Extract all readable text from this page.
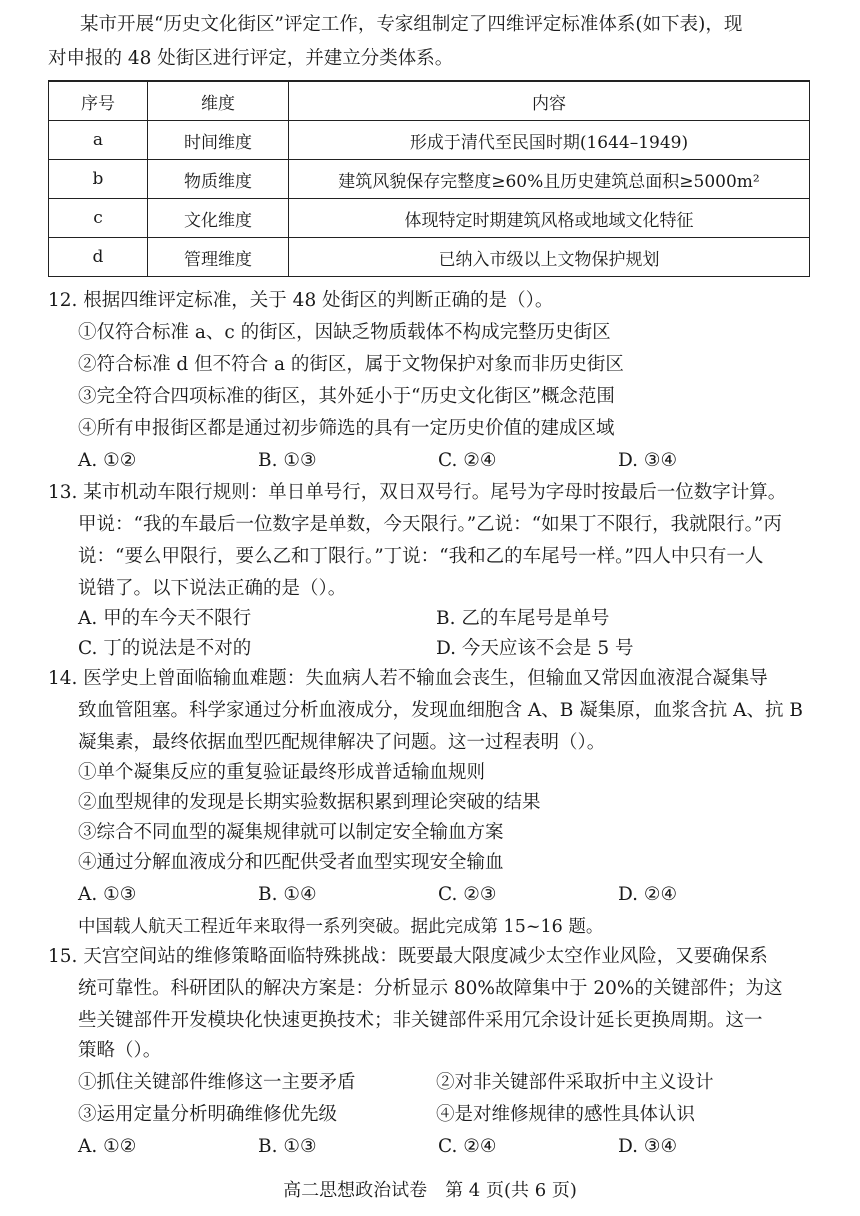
某市开展“历史文化街区”评定工作，专家组制定了四维评定标准体系(如下表)，现
对申报的 48 处街区进行评定，并建立分类体系。
序号	维度	内容
a	时间维度	形成于清代至民国时期(1644–1949)
b	物质维度	建筑风貌保存完整度≥60%且历史建筑总面积≥5000m²
c	文化维度	体现特定时期建筑风格或地域文化特征
d	管理维度	已纳入市级以上文物保护规划
12. 根据四维评定标准，关于 48 处街区的判断正确的是（）。
①仅符合标准 a、c 的街区，因缺乏物质载体不构成完整历史街区
②符合标准 d 但不符合 a 的街区，属于文物保护对象而非历史街区
③完全符合四项标准的街区，其外延小于“历史文化街区”概念范围
④所有申报街区都是通过初步筛选的具有一定历史价值的建成区域
A. ①②	B. ①③	C. ②④	D. ③④
13. 某市机动车限行规则：单日单号行，双日双号行。尾号为字母时按最后一位数字计算。
甲说：“我的车最后一位数字是单数，今天限行。”乙说：“如果丁不限行，我就限行。”丙
说：“要么甲限行，要么乙和丁限行。”丁说：“我和乙的车尾号一样。”四人中只有一人
说错了。以下说法正确的是（）。
A. 甲的车今天不限行	B. 乙的车尾号是单号
C. 丁的说法是不对的	D. 今天应该不会是 5 号
14. 医学史上曾面临输血难题：失血病人若不输血会丧生，但输血又常因血液混合凝集导
致血管阻塞。科学家通过分析血液成分，发现血细胞含 A、B 凝集原，血浆含抗 A、抗 B
凝集素，最终依据血型匹配规律解决了问题。这一过程表明（）。
①单个凝集反应的重复验证最终形成普适输血规则
②血型规律的发现是长期实验数据积累到理论突破的结果
③综合不同血型的凝集规律就可以制定安全输血方案
④通过分解血液成分和匹配供受者血型实现安全输血
A. ①③	B. ①④	C. ②③	D. ②④
中国载人航天工程近年来取得一系列突破。据此完成第 15~16 题。
15. 天宫空间站的维修策略面临特殊挑战：既要最大限度减少太空作业风险，又要确保系
统可靠性。科研团队的解决方案是：分析显示 80%故障集中于 20%的关键部件；为这
些关键部件开发模块化快速更换技术；非关键部件采用冗余设计延长更换周期。这一
策略（）。
①抓住关键部件维修这一主要矛盾	②对非关键部件采取折中主义设计
③运用定量分析明确维修优先级	④是对维修规律的感性具体认识
A. ①②	B. ①③	C. ②④	D. ③④
高二思想政治试卷　第 4 页(共 6 页)
